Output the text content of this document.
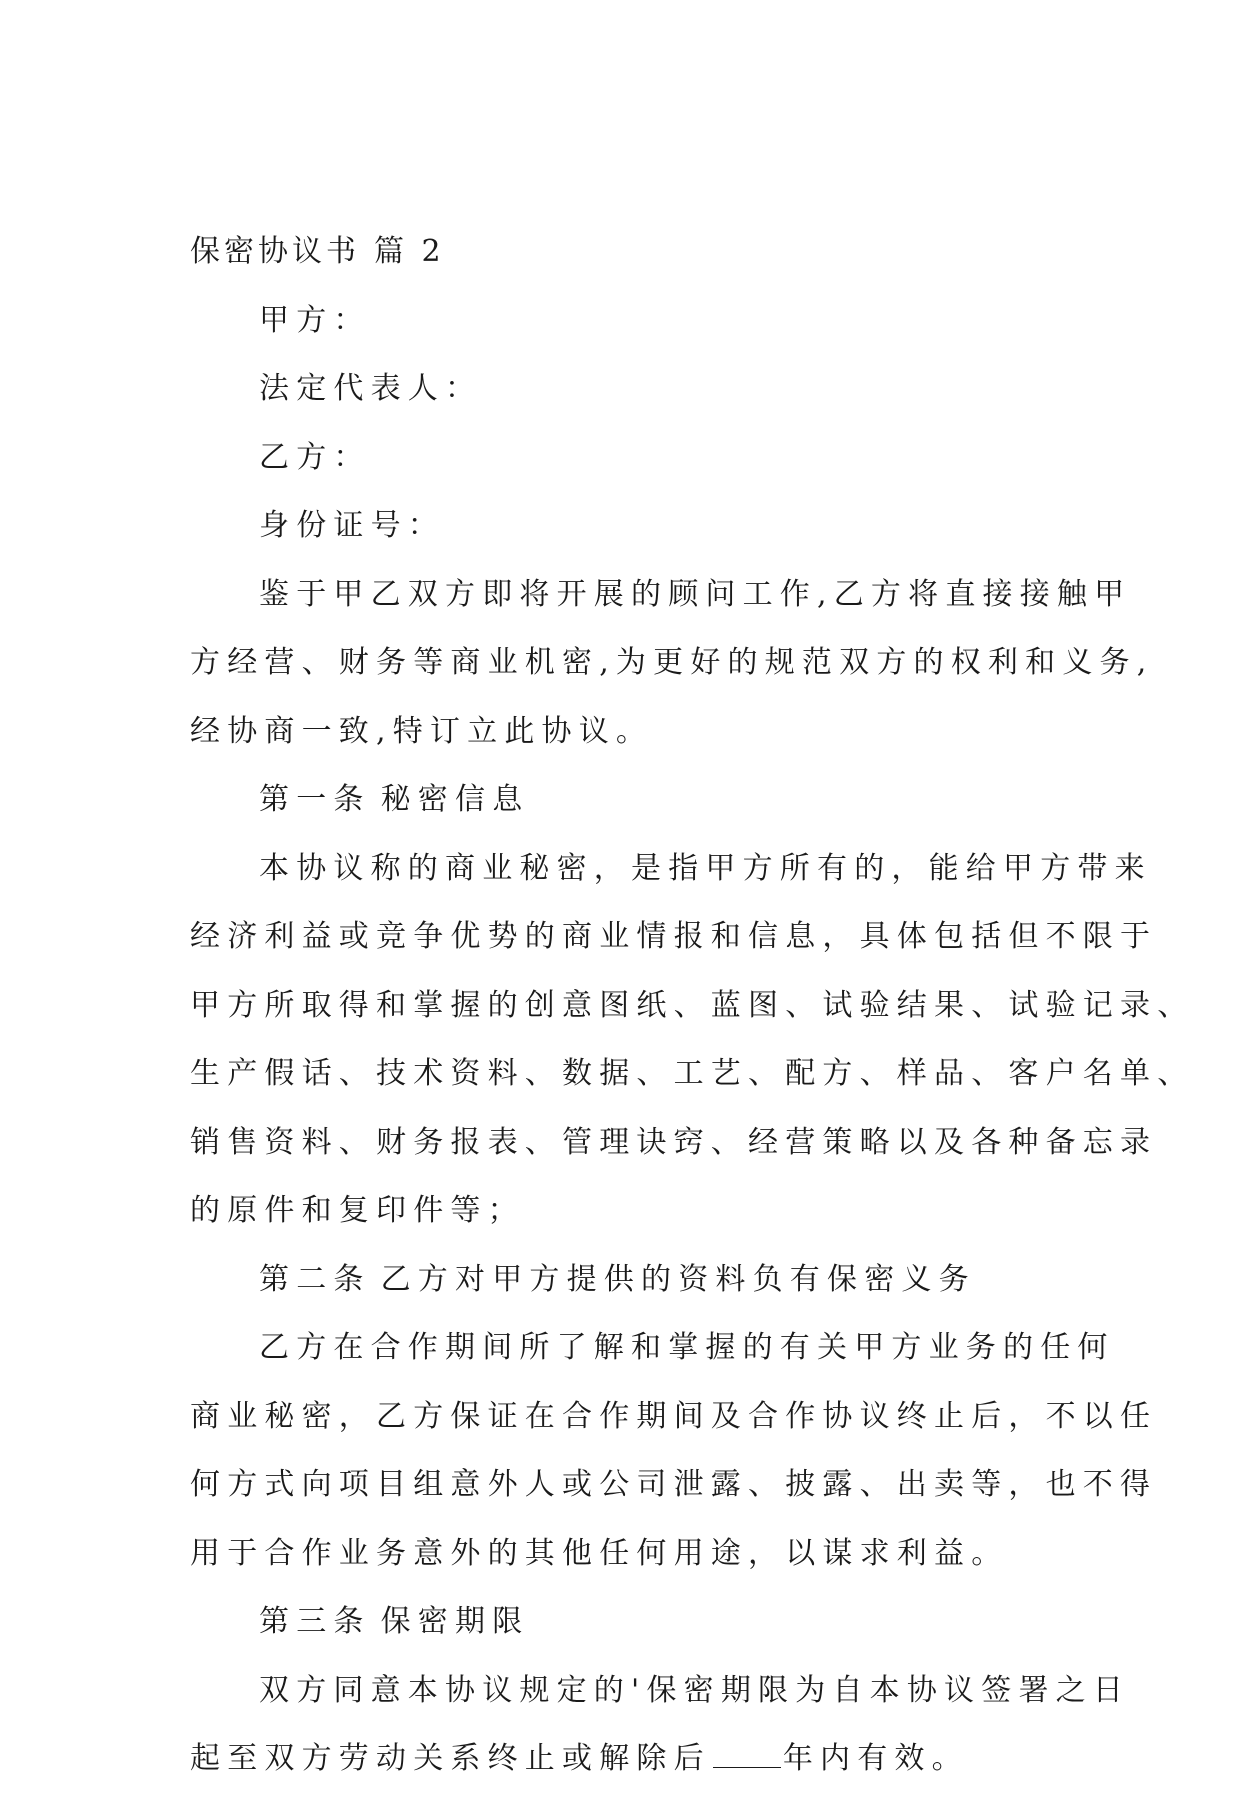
保密协议书 篇 2

甲方：

法定代表人：

乙方：

身份证号：

鉴于甲乙双方即将开展的顾问工作,乙方将直接接触甲

方经营、财务等商业机密,为更好的规范双方的权利和义务,

经协商一致,特订立此协议。

第一条 秘密信息

本协议称的商业秘密，是指甲方所有的，能给甲方带来

经济利益或竞争优势的商业情报和信息，具体包括但不限于

甲方所取得和掌握的创意图纸、蓝图、试验结果、试验记录、

生产假话、技术资料、数据、工艺、配方、样品、客户名单、

销售资料、财务报表、管理诀窍、经营策略以及各种备忘录

的原件和复印件等；

第二条 乙方对甲方提供的资料负有保密义务

乙方在合作期间所了解和掌握的有关甲方业务的任何

商业秘密，乙方保证在合作期间及合作协议终止后，不以任

何方式向项目组意外人或公司泄露、披露、出卖等，也不得

用于合作业务意外的其他任何用途，以谋求利益。

第三条 保密期限

双方同意本协议规定的'保密期限为自本协议签署之日

起至双方劳动关系终止或解除后 年内有效。
